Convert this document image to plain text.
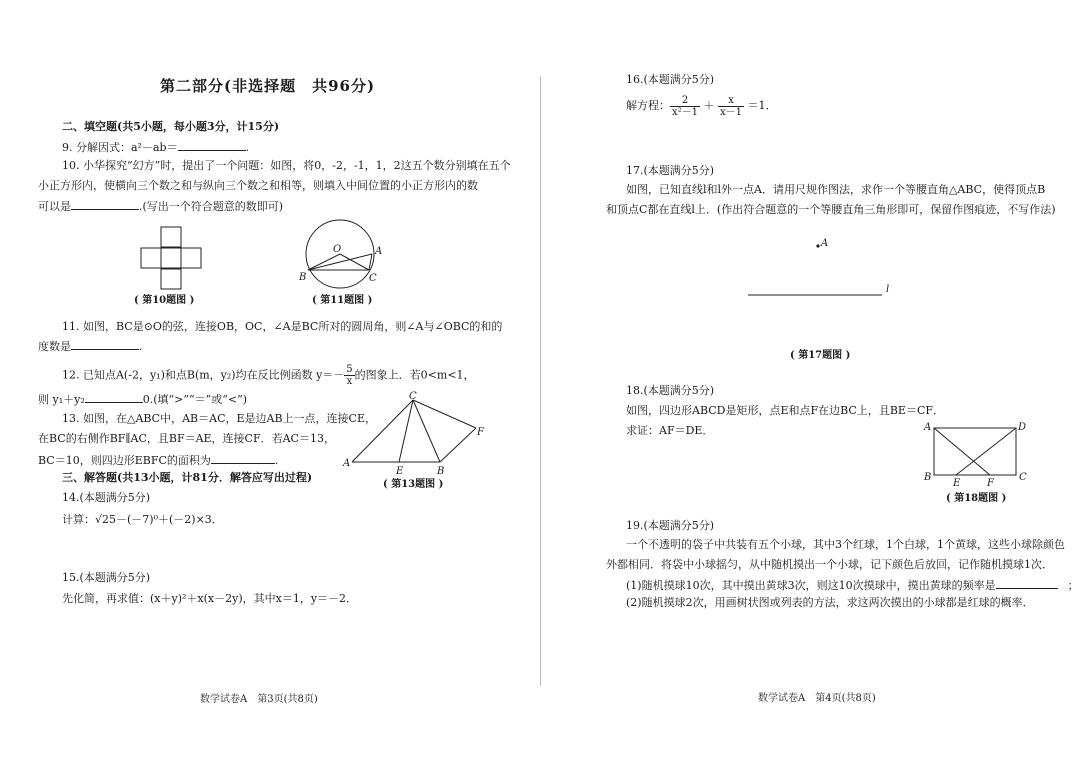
第二部分(非选择题　共96分)
二、填空题(共5小题，每小题3分，计15分)
9. 分解因式：a²－ab＝	.
10. 小华探究“幻方”时，提出了一个问题：如图，将0，-2，-1，1，2这五个数分别填在五个
小正方形内，使横向三个数之和与纵向三个数之和相等，则填入中间位置的小正方形内的数
可以是	.(写出一个符合题意的数即可)
( 第10题图 )
O	A
B	C
( 第11题图 )
11. 如图，BC是⊙O的弦，连接OB，OC，∠A是BC所对的圆周角，则∠A与∠OBC的和的
度数是	.
12. 已知点A(-2，y₁)和点B(m，y₂)均在反比例函数 $y=- \frac{5}{x}$ 的图象上．若0<m<1，
则 y₁＋y₂	0.(填“>”“＝”或“<”)
13. 如图，在△ABC中，AB＝AC，E是边AB上一点，连接CE，
在BC的右侧作BF∥AC，且BF＝AE，连接CF．若AC＝13，
BC＝10，则四边形EBFC的面积为	.
C
F
A
E	B
( 第13题图 )
三、解答题(共13小题，计81分．解答应写出过程)
14.(本题满分5分)
计算：√25－(－7)⁰＋(－2)×3．
15.(本题满分5分)
先化简，再求值：(x＋y)²＋x(x－2y)，其中x＝1，y＝－2．
数学试卷A　第3页(共8页)
16.(本题满分5分)
解方程： $\frac{2}{\text{x²－1}} + \frac{x}{x-1} =1$．
17.(本题满分5分)
如图，已知直线l和l外一点A．请用尺规作图法，求作一个等腰直角△ABC，使得顶点B
和顶点C都在直线l上．(作出符合题意的一个等腰直角三角形即可，保留作图痕迹，不写作法)
A
l
( 第17题图 )
18.(本题满分5分)
如图，四边形ABCD是矩形，点E和点F在边BC上，且BE＝CF．
求证：AF＝DE．	A	D
B
E	F
C
( 第18题图 )
19.(本题满分5分)
一个不透明的袋子中共装有五个小球，其中3个红球，1个白球，1个黄球，这些小球除颜色
外都相同．将袋中小球摇匀，从中随机摸出一个小球，记下颜色后放回，记作随机摸球1次．
(1)随机摸球10次，其中摸出黄球3次，则这10次摸球中，摸出黄球的频率是	；
(2)随机摸球2次，用画树状图或列表的方法，求这两次摸出的小球都是红球的概率．
数学试卷A　第4页(共8页)
